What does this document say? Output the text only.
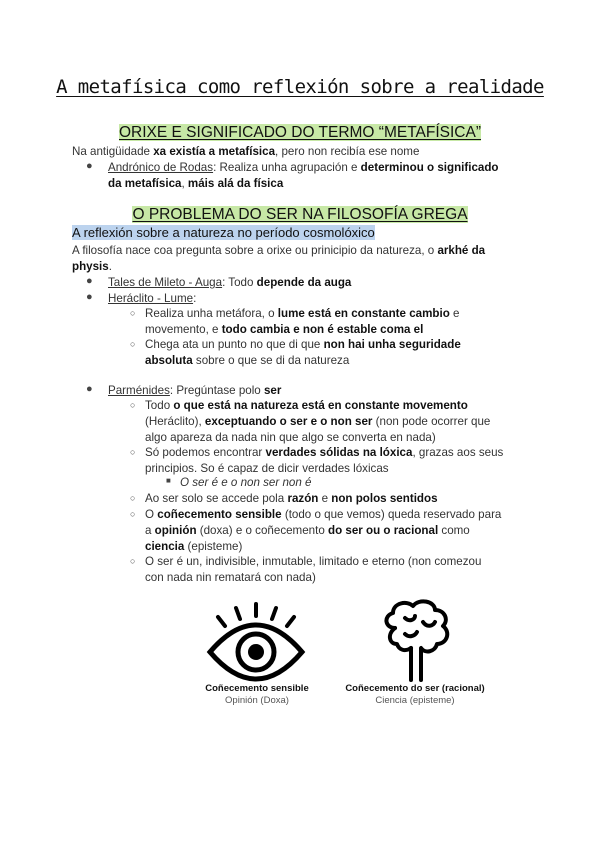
A metafísica como reflexión sobre a realidade
ORIXE E SIGNIFICADO DO TERMO “METAFÍSICA”
Na antigüidade xa existía a metafísica, pero non recibía ese nome
● Andrónico de Rodas: Realiza unha agrupación e determinou o significado
da metafísica, máis alá da física
O PROBLEMA DO SER NA FILOSOFÍA GREGA
A reflexión sobre a natureza no período cosmolóxico
A filosofía nace coa pregunta sobre a orixe ou prinicipio da natureza, o arkhé da
physis.
● Tales de Mileto - Auga: Todo depende da auga
● Heráclito - Lume:
○ Realiza unha metáfora, o lume está en constante cambio e
movemento, e todo cambia e non é estable coma el
○ Chega ata un punto no que di que non hai unha seguridade
absoluta sobre o que se di da natureza
● Parménides: Pregúntase polo ser
○ Todo o que está na natureza está en constante movemento
(Heráclito), exceptuando o ser e o non ser (non pode ocorrer que
algo apareza da nada nin que algo se converta en nada)
○ Só podemos encontrar verdades sólidas na lóxica, grazas aos seus
principios. So é capaz de dicir verdades lóxicas
■ O ser é e o non ser non é
○ Ao ser solo se accede pola razón e non polos sentidos
○ O coñecemento sensible (todo o que vemos) queda reservado para
a opinión (doxa) e o coñecemento do ser ou o racional como
ciencia (episteme)
○ O ser é un, indivisible, inmutable, limitado e eterno (non comezou
con nada nin rematará con nada)
Coñecemento sensible
Opinión (Doxa)
Coñecemento do ser (racional)
Ciencia (episteme)
